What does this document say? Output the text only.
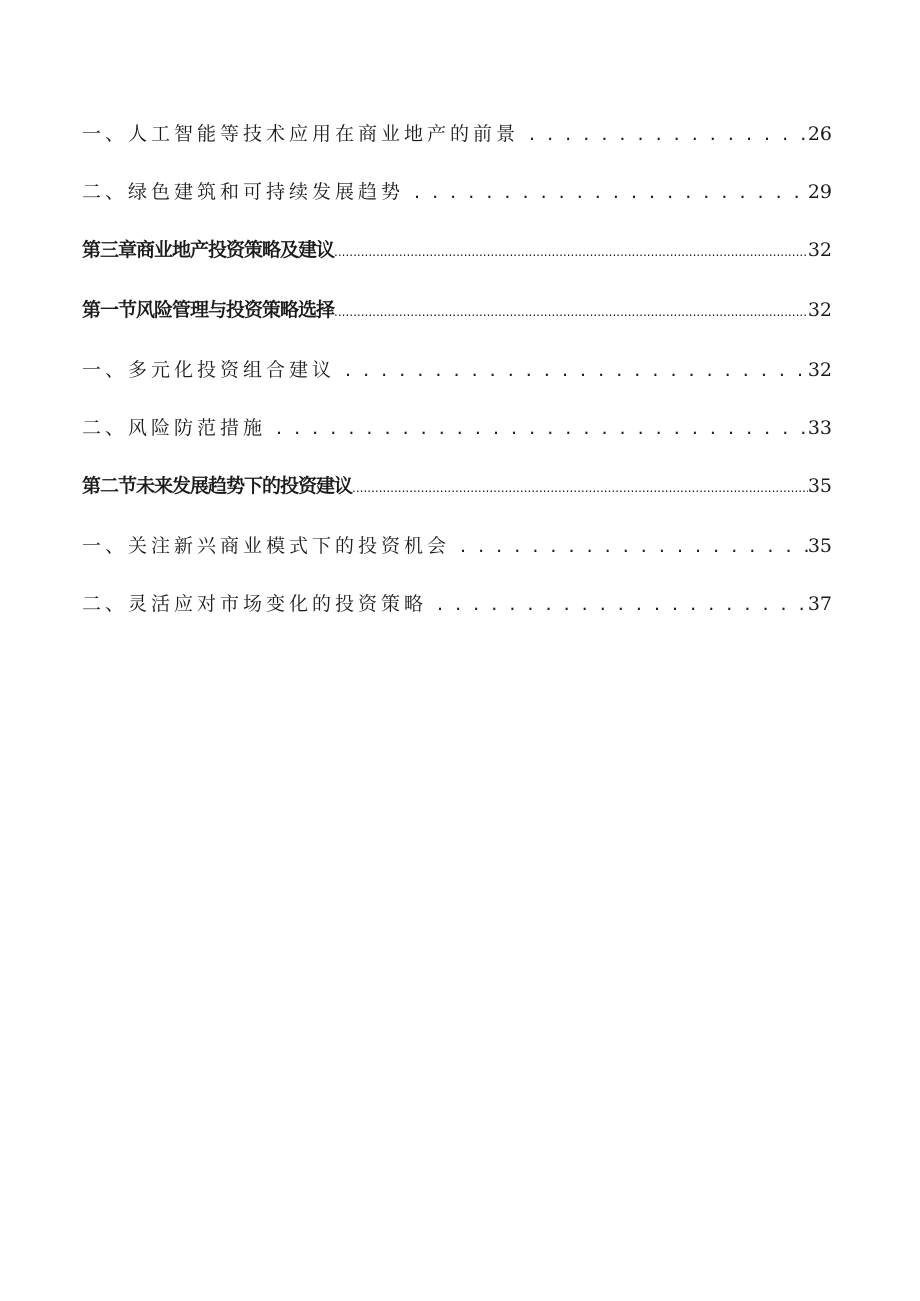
一、人工智能等技术应用在商业地产的前景 . . .	26
二、绿色建筑和可持续发展趋势 . . .	29
第三章商业地产投资策略及建议 .....	32
第一节风险管理与投资策略选择 .....	32
一、多元化投资组合建议 . . .	32
二、风险防范措施 . . .	33
第二节未来发展趋势下的投资建议 .....	35
一、关注新兴商业模式下的投资机会 . . .	35
二、灵活应对市场变化的投资策略 . . .	37
